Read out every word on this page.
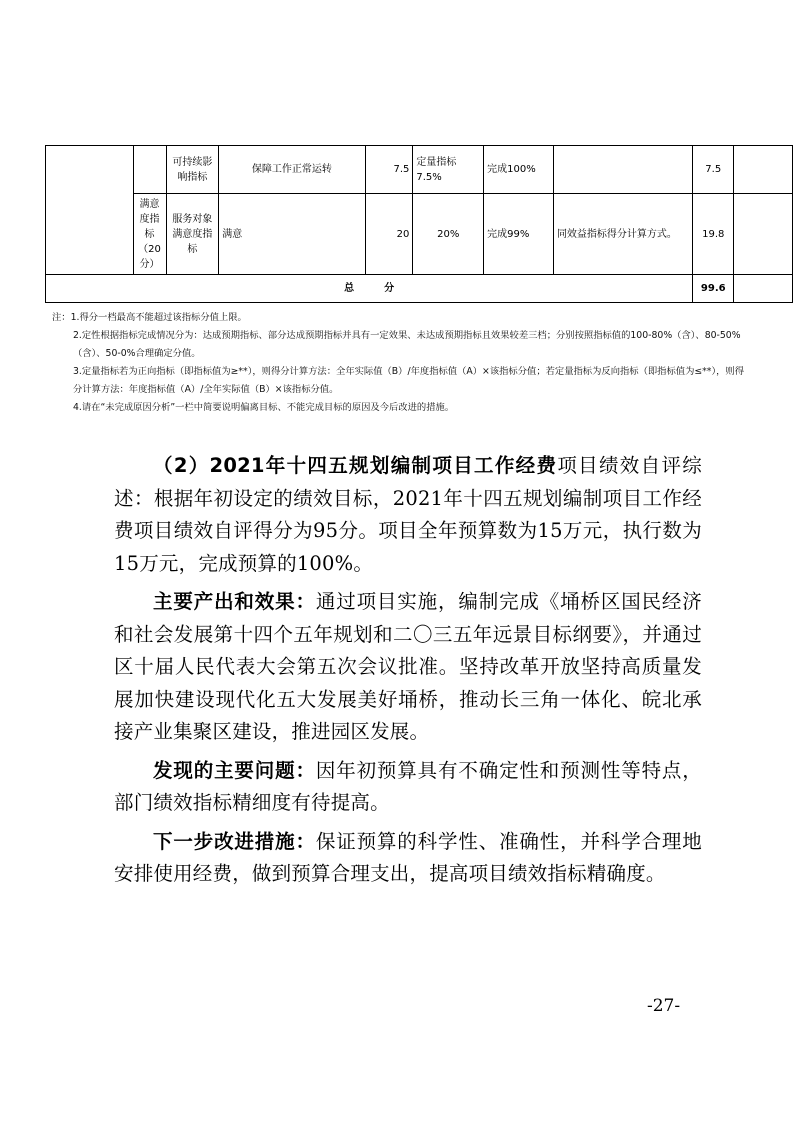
		可持续影响指标	保障工作正常运转	7.5	定量指标 7.5%	完成100%		7.5	
	满意度指标（20分）	服务对象满意度指标	满意	20	20%	完成99%	同效益指标得分计算方式。	19.8	
总　　　分								99.6	

注：1.得分一档最高不能超过该指标分值上限。

2.定性根据指标完成情况分为：达成预期指标、部分达成预期指标并具有一定效果、未达成预期指标且效果较差三档；分别按照指标值的100-80%（含）、80-50%（含）、50-0%合理确定分值。

3.定量指标若为正向指标（即指标值为≥**），则得分计算方法：全年实际值（B）/年度指标值（A）×该指标分值；若定量指标为反向指标（即指标值为≤**），则得分计算方法：年度指标值（A）/全年实际值（B）×该指标分值。

4.请在“未完成原因分析”一栏中简要说明偏离目标、不能完成目标的原因及今后改进的措施。

（2）2021年十四五规划编制项目工作经费项目绩效自评综述：根据年初设定的绩效目标，2021年十四五规划编制项目工作经费项目绩效自评得分为95分。项目全年预算数为15万元，执行数为15万元，完成预算的100%。

主要产出和效果：通过项目实施，编制完成《埇桥区国民经济和社会发展第十四个五年规划和二〇三五年远景目标纲要》，并通过区十届人民代表大会第五次会议批准。坚持改革开放坚持高质量发展加快建设现代化五大发展美好埇桥，推动长三角一体化、皖北承接产业集聚区建设，推进园区发展。

发现的主要问题：因年初预算具有不确定性和预测性等特点，部门绩效指标精细度有待提高。

下一步改进措施：保证预算的科学性、准确性，并科学合理地安排使用经费，做到预算合理支出，提高项目绩效指标精确度。

-27-
